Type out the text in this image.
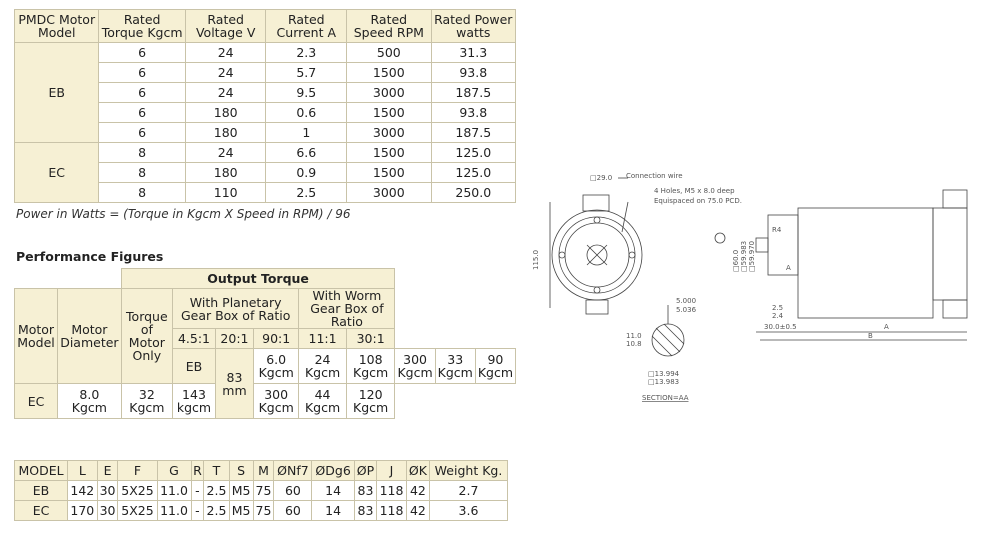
PMDC Motor Model	Rated Torque Kgcm	Rated Voltage V	Rated Current A	Rated Speed RPM	Rated Power watts
EB	6	24	2.3	500	31.3
	6	24	5.7	1500	93.8
	6	24	9.5	3000	187.5
	6	180	0.6	1500	93.8
	6	180	1	3000	187.5
EC	8	24	6.6	1500	125.0
	8	180	0.9	1500	125.0
	8	110	2.5	3000	250.0
Power in Watts = (Torque in Kgcm X Speed in RPM) / 96
Performance Figures
		Output Torque								
Motor Model	Motor Diameter	Torque of Motor Only	With Planetary Gear Box of Ratio			With Worm Gear Box of Ratio				
			4.5:1	20:1	90:1	11:1	30:1			
			EB	83 mm	6.0 Kgcm	24 Kgcm	108 Kgcm	300 Kgcm	33 Kgcm	90 Kgcm
EC	8.0 Kgcm	32 Kgcm	143 kgcm		300 Kgcm	44 Kgcm	120 Kgcm			
MODEL	L	E	F	G	R	T	S	M	ØNf7	ØDg6	ØP	J	ØK	Weight Kg.
EB	142	30	5X25	11.0	-	2.5	M5	75	60	14	83	118	42	2.7
EC	170	30	5X25	11.0	-	2.5	M5	75	60	14	83	118	42	3.6
□29.0 Connection wire
4 Holes, M5 x 8.0 deep
Equispaced on 75.0 PCD.
115.0
5.000
5.036
11.0
10.8
□13.994
□13.983
SECTION=AA
2.5
2.4
30.0±0.5	A
B
□60.0 □59.983 □59.970
R4
A
